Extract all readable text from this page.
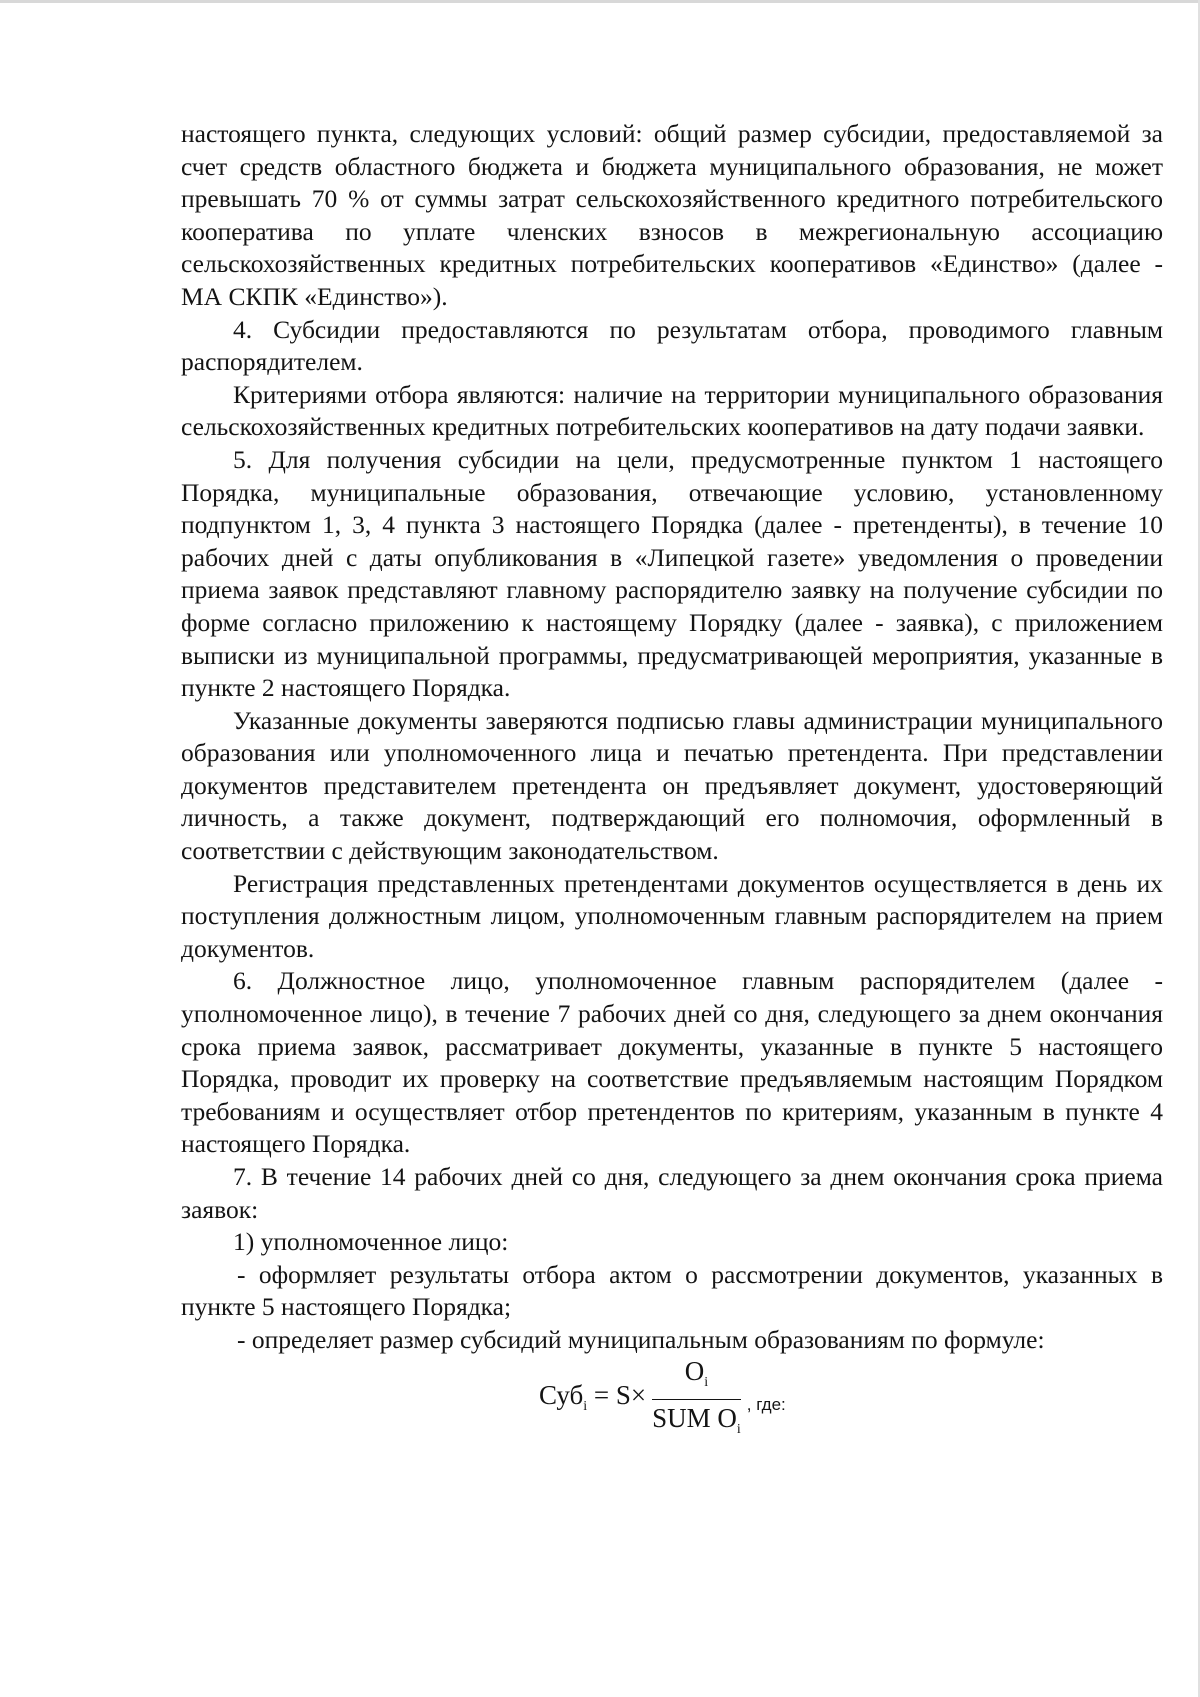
настоящего пункта, следующих условий: общий размер субсидии, предоставляемой за счет средств областного бюджета и бюджета муниципального образования, не может превышать 70 % от суммы затрат сельскохозяйственного кредитного потребительского кооператива по уплате членских взносов в межрегиональную ассоциацию сельскохозяйственных кредитных потребительских кооперативов «Единство» (далее - МА СКПК «Единство»).

4. Субсидии предоставляются по результатам отбора, проводимого главным распорядителем.

Критериями отбора являются: наличие на территории муниципального образования сельскохозяйственных кредитных потребительских кооперативов на дату подачи заявки.

5. Для получения субсидии на цели, предусмотренные пунктом 1 настоящего Порядка, муниципальные образования, отвечающие условию, установленному подпунктом 1, 3, 4 пункта 3 настоящего Порядка (далее - претенденты), в течение 10 рабочих дней с даты опубликования в «Липецкой газете» уведомления о проведении приема заявок представляют главному распорядителю заявку на получение субсидии по форме согласно приложению к настоящему Порядку (далее - заявка), с приложением выписки из муниципальной программы, предусматривающей мероприятия, указанные в пункте 2 настоящего Порядка.

Указанные документы заверяются подписью главы администрации муниципального образования или уполномоченного лица и печатью претендента. При представлении документов представителем претендента он предъявляет документ, удостоверяющий личность, а также документ, подтверждающий его полномочия, оформленный в соответствии с действующим законодательством.

Регистрация представленных претендентами документов осуществляется в день их поступления должностным лицом, уполномоченным главным распорядителем на прием документов.

6. Должностное лицо, уполномоченное главным распорядителем (далее - уполномоченное лицо), в течение 7 рабочих дней со дня, следующего за днем окончания срока приема заявок, рассматривает документы, указанные в пункте 5 настоящего Порядка, проводит их проверку на соответствие предъявляемым настоящим Порядком требованиям и осуществляет отбор претендентов по критериям, указанным в пункте 4 настоящего Порядка.

7. В течение 14 рабочих дней со дня, следующего за днем окончания срока приема заявок:

1) уполномоченное лицо:

- оформляет результаты отбора актом о рассмотрении документов, указанных в пункте 5 настоящего Порядка;

- определяет размер субсидий муниципальным образованиям по формуле:

$Суб_i = S\times \frac{O_i}{SUM O_i}$ , где:
